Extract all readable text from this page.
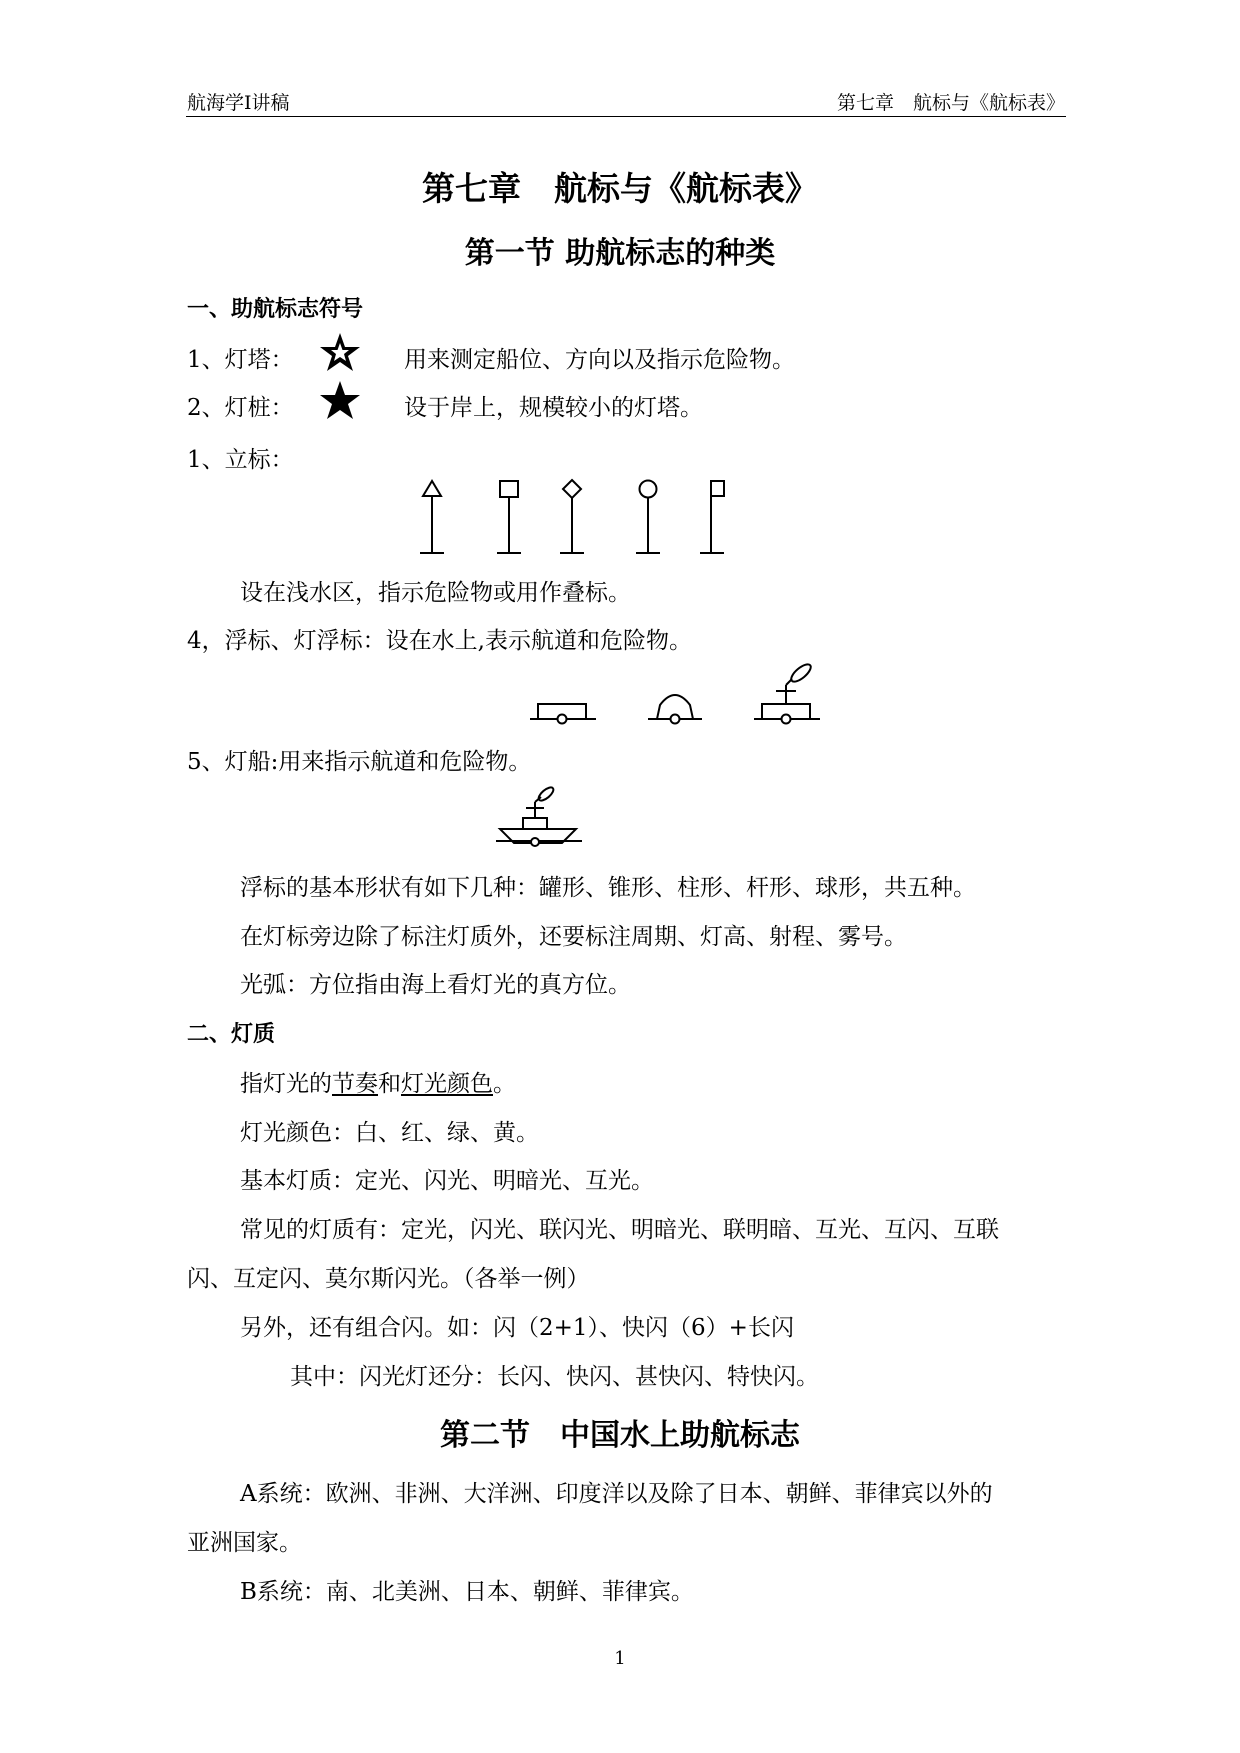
航海学Ⅰ讲稿	第七章　航标与《航标表》
第七章　航标与《航标表》
第一节 助航标志的种类
一、助航标志符号
1、灯塔：	用来测定船位、方向以及指示危险物。
2、灯桩：	设于岸上，规模较小的灯塔。
1、立标：
设在浅水区，指示危险物或用作叠标。
4，浮标、灯浮标：设在水上,表示航道和危险物。
5、灯船:用来指示航道和危险物。
浮标的基本形状有如下几种：罐形、锥形、柱形、杆形、球形，共五种。
在灯标旁边除了标注灯质外，还要标注周期、灯高、射程、雾号。
光弧：方位指由海上看灯光的真方位。
二、灯质
指灯光的节奏和灯光颜色。
灯光颜色：白、红、绿、黄。
基本灯质：定光、闪光、明暗光、互光。
常见的灯质有：定光，闪光、联闪光、明暗光、联明暗、互光、互闪、互联
闪、互定闪、莫尔斯闪光。（各举一例）
另外，还有组合闪。如：闪（2+1）、快闪（6）+长闪
其中：闪光灯还分：长闪、快闪、甚快闪、特快闪。
第二节　中国水上助航标志
A系统：欧洲、非洲、大洋洲、印度洋以及除了日本、朝鲜、菲律宾以外的
亚洲国家。
B系统：南、北美洲、日本、朝鲜、菲律宾。
1
